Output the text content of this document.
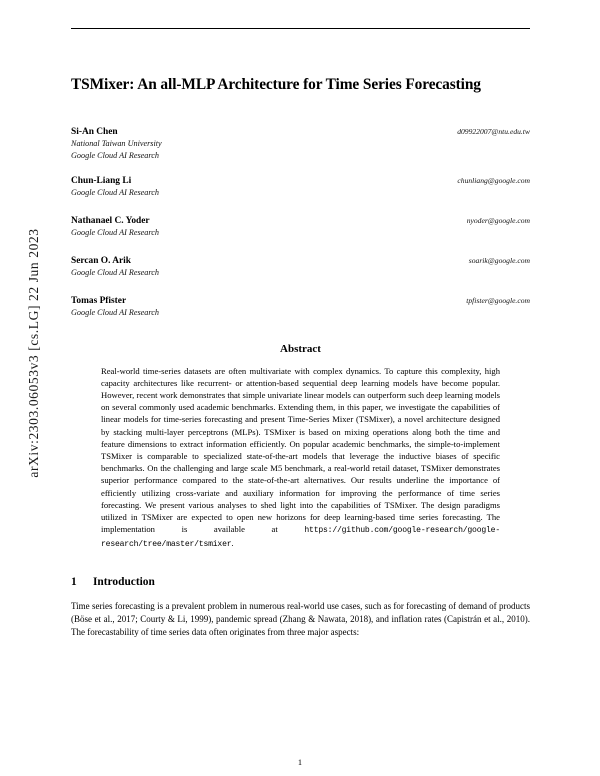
arXiv:2303.06053v3 [cs.LG] 22 Jun 2023
TSMixer: An all-MLP Architecture for Time Series Forecasting
Si-An Chen
National Taiwan University
Google Cloud AI Research
d09922007@ntu.edu.tw
Chun-Liang Li
Google Cloud AI Research
chunliang@google.com
Nathanael C. Yoder
Google Cloud AI Research
nyoder@google.com
Sercan O. Arik
Google Cloud AI Research
soarik@google.com
Tomas Pfister
Google Cloud AI Research
tpfister@google.com
Abstract
Real-world time-series datasets are often multivariate with complex dynamics. To capture this complexity, high capacity architectures like recurrent- or attention-based sequential deep learning models have become popular. However, recent work demonstrates that simple univariate linear models can outperform such deep learning models on several commonly used academic benchmarks. Extending them, in this paper, we investigate the capabilities of linear models for time-series forecasting and present Time-Series Mixer (TSMixer), a novel architecture designed by stacking multi-layer perceptrons (MLPs). TSMixer is based on mixing operations along both the time and feature dimensions to extract information efficiently. On popular academic benchmarks, the simple-to-implement TSMixer is comparable to specialized state-of-the-art models that leverage the inductive biases of specific benchmarks. On the challenging and large scale M5 benchmark, a real-world retail dataset, TSMixer demonstrates superior performance compared to the state-of-the-art alternatives. Our results underline the importance of efficiently utilizing cross-variate and auxiliary information for improving the performance of time series forecasting. We present various analyses to shed light into the capabilities of TSMixer. The design paradigms utilized in TSMixer are expected to open new horizons for deep learning-based time series forecasting. The implementation is available at https://github.com/google-research/google-research/tree/master/tsmixer.
1 Introduction
Time series forecasting is a prevalent problem in numerous real-world use cases, such as for forecasting of demand of products (Böse et al., 2017; Courty & Li, 1999), pandemic spread (Zhang & Nawata, 2018), and inflation rates (Capistrán et al., 2010). The forecastability of time series data often originates from three major aspects:
1
